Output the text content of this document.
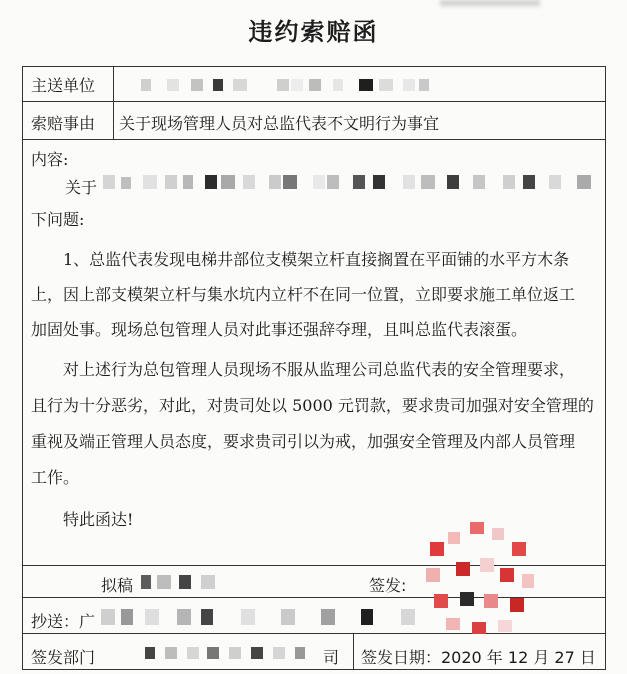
违约索赔函
主送单位
索赔事由 关于现场管理人员对总监代表不文明行为事宜
内容:
关于
下问题:
1、总监代表发现电梯井部位支模架立杆直接搁置在平面铺的水平方木条
上，因上部支模架立杆与集水坑内立杆不在同一位置，立即要求施工单位返工
加固处事。现场总包管理人员对此事还强辞夺理，且叫总监代表滚蛋。
对上述行为总包管理人员现场不服从监理公司总监代表的安全管理要求，
且行为十分恶劣，对此，对贵司处以 5000 元罚款，要求贵司加强对安全管理的
重视及端正管理人员态度，要求贵司引以为戒，加强安全管理及内部人员管理
工作。
特此函达!
拟稿	签发:
抄送：广
签发部门	司 签发日期：2020 年 12 月 27 日
